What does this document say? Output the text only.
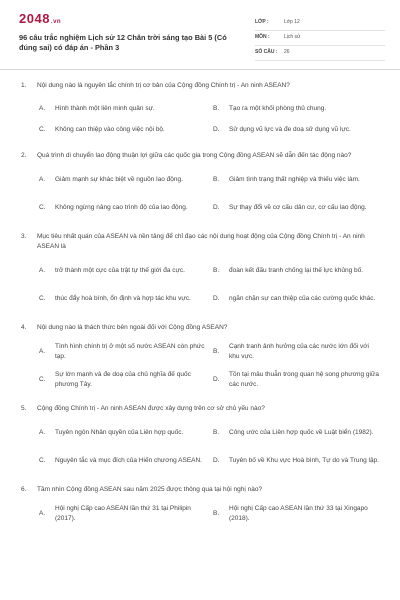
2048.vn
96 câu trắc nghiệm Lịch sử 12 Chân trời sáng tạo Bài 5 (Có đúng sai) có đáp án - Phần 3
LỚP :	Lớp 12
MÔN :	Lịch sử
SỐ CÂU : 26
1. Nội dung nào là nguyên tắc chính trị cơ bản của Cộng đồng Chính trị - An ninh ASEAN?
A. Hình thành một liên minh quân sự.	B. Tạo ra một khối phòng thủ chung.
C. Không can thiệp vào công việc nội bộ.	D. Sử dụng vũ lực và đe doạ sử dụng vũ lực.
2. Quá trình di chuyển lao động thuận lợi giữa các quốc gia trong Cộng đồng ASEAN sẽ dẫn đến tác động nào?
A. Giảm mạnh sự khác biệt về nguồn lao động.	B. Giảm tình trạng thất nghiệp và thiếu việc làm.
C. Không ngừng nâng cao trình độ của lao động.	D. Sự thay đổi về cơ cấu dân cư, cơ cấu lao động.
3. Mục tiêu nhất quán của ASEAN và nền tảng để chỉ đạo các nội dung hoạt động của Cộng đồng Chính trị - An ninh ASEAN là
A. trở thành một cực của trật tự thế giới đa cực.	B. đoàn kết đấu tranh chống lại thế lực khủng bố.
C. thúc đẩy hoà bình, ổn định và hợp tác khu vực.	D. ngăn chặn sự can thiệp của các cường quốc khác.
4. Nội dung nào là thách thức bên ngoài đối với Cộng đồng ASEAN?
A.
Tình hình chính trị ở một số nước ASEAN còn phức tạp.
B.
Cạnh tranh ảnh hưởng của các nước lớn đối với khu vực.
C.
Sự lớn mạnh và đe doạ của chủ nghĩa đế quốc phương Tây.
D.
Tồn tại mâu thuẫn trong quan hệ song phương giữa các nước.
5. Cộng đồng Chính trị - An ninh ASEAN được xây dựng trên cơ sở chủ yếu nào?
A. Tuyên ngôn Nhân quyền của Liên hợp quốc.	B. Công ước của Liên hợp quốc về Luật biển (1982).
C. Nguyên tắc và mục đích của Hiến chương ASEAN.	D. Tuyên bố về Khu vực Hoà bình, Tự do và Trung lập.
6. Tầm nhìn Cộng đồng ASEAN sau năm 2025 được thông qua tại hội nghị nào?
A.
Hội nghị Cấp cao ASEAN lần thứ 31 tại Philipin (2017).
B.
Hội nghị Cấp cao ASEAN lần thứ 33 tại Xingapo (2018).
